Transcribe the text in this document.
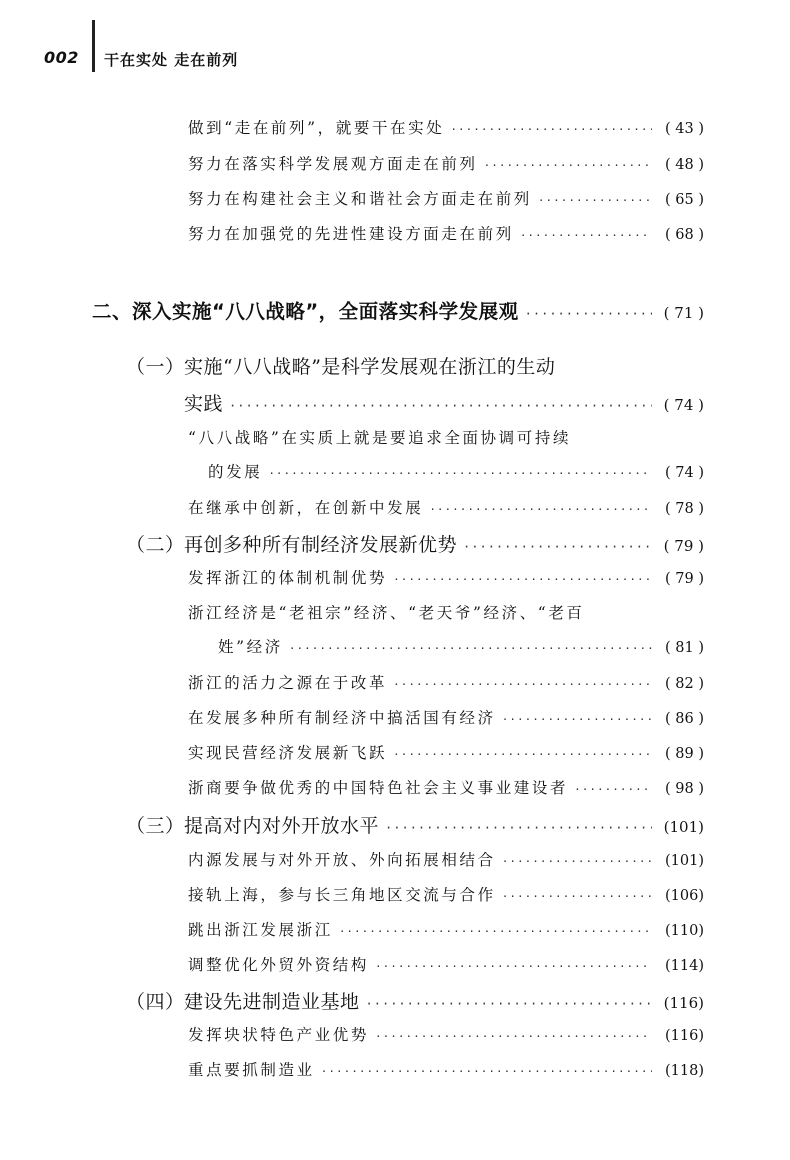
002 干在实处 走在前列
做到“走在前列”，就要干在实处 ·····	( 43 )
努力在落实科学发展观方面走在前列 ·····	( 48 )
努力在构建社会主义和谐社会方面走在前列 ·····	( 65 )
努力在加强党的先进性建设方面走在前列 ·····	( 68 )
二、深入实施“八八战略”，全面落实科学发展观 ·····	( 71 )
（一）实施“八八战略”是科学发展观在浙江的生动
实践 ·····	( 74 )
“八八战略”在实质上就是要追求全面协调可持续
的发展 ·····	( 74 )
在继承中创新，在创新中发展 ·····	( 78 )
（二）再创多种所有制经济发展新优势 ·····	( 79 )
发挥浙江的体制机制优势 ·····	( 79 )
浙江经济是“老祖宗”经济、“老天爷”经济、“老百
姓”经济 ·····	( 81 )
浙江的活力之源在于改革 ·····	( 82 )
在发展多种所有制经济中搞活国有经济 ·····	( 86 )
实现民营经济发展新飞跃 ·····	( 89 )
浙商要争做优秀的中国特色社会主义事业建设者 ·····	( 98 )
（三）提高对内对外开放水平 ·····	(101)
内源发展与对外开放、外向拓展相结合 ·····	(101)
接轨上海，参与长三角地区交流与合作 ·····	(106)
跳出浙江发展浙江 ·····	(110)
调整优化外贸外资结构 ·····	(114)
（四）建设先进制造业基地 ·····	(116)
发挥块状特色产业优势 ·····	(116)
重点要抓制造业 ·····	(118)
